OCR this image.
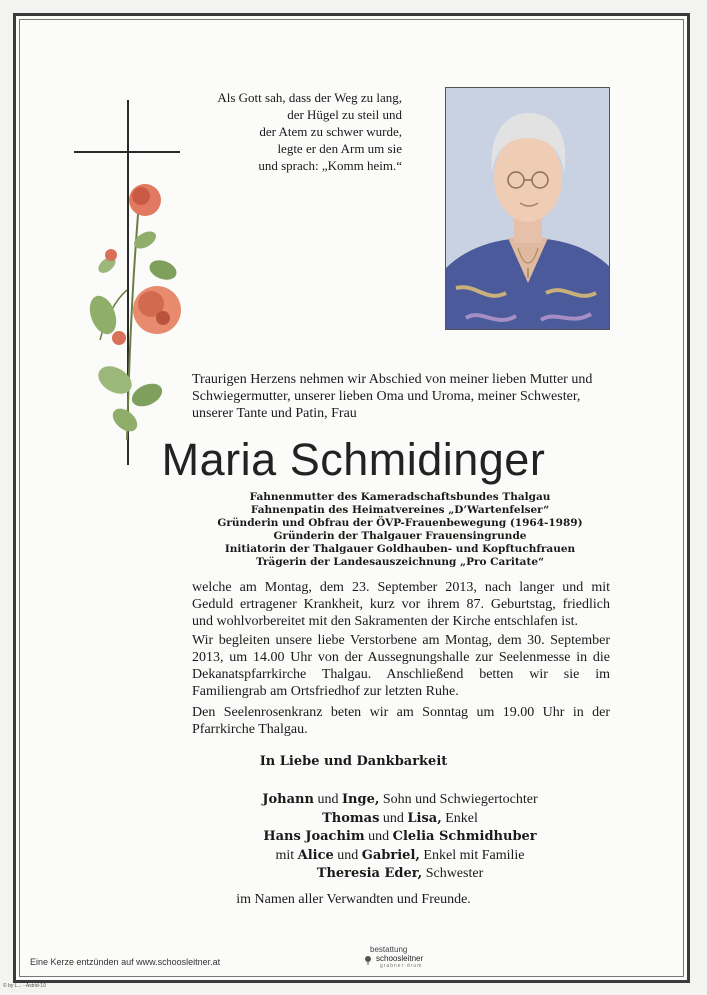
Als Gott sah, dass der Weg zu lang,
der Hügel zu steil und
der Atem zu schwer wurde,
legte er den Arm um sie
und sprach: „Komm heim.“
Traurigen Herzens nehmen wir Abschied von meiner lieben Mutter und
Schwiegermutter, unserer lieben Oma und Uroma, meiner Schwester,
unserer Tante und Patin, Frau
Maria Schmidinger
Fahnenmutter des Kameradschaftsbundes Thalgau
Fahnenpatin des Heimatvereines „D’Wartenfelser“
Gründerin und Obfrau der ÖVP-Frauenbewegung (1964-1989)
Gründerin der Thalgauer Frauensingrunde
Initiatorin der Thalgauer Goldhauben- und Kopftuchfrauen
Trägerin der Landesauszeichnung „Pro Caritate“
welche am Montag, dem 23. September 2013, nach langer und mit
Geduld ertragener Krankheit, kurz vor ihrem 87. Geburtstag, friedlich
und wohlvorbereitet mit den Sakramenten der Kirche entschlafen ist.
Wir begleiten unsere liebe Verstorbene am Montag, dem 30. September
2013, um 14.00 Uhr von der Aussegnungshalle zur Seelenmesse in die
Dekanatspfarrkirche Thalgau. Anschließend betten wir sie im
Familiengrab am Ortsfriedhof zur letzten Ruhe.
Den Seelenrosenkranz beten wir am Sonntag um 19.00 Uhr in der
Pfarrkirche Thalgau.
In Liebe und Dankbarkeit
Johann und Inge, Sohn und Schwiegertochter
Thomas und Lisa, Enkel
Hans Joachim und Clelia Schmidhuber
mit Alice und Gabriel, Enkel mit Familie
Theresia Eder, Schwester
im Namen aller Verwandten und Freunde.
Eine Kerze entzünden auf www.schoosleitner.at
bestattung
schoosleitner
grabner·drum
© by L... - Astrid-10
